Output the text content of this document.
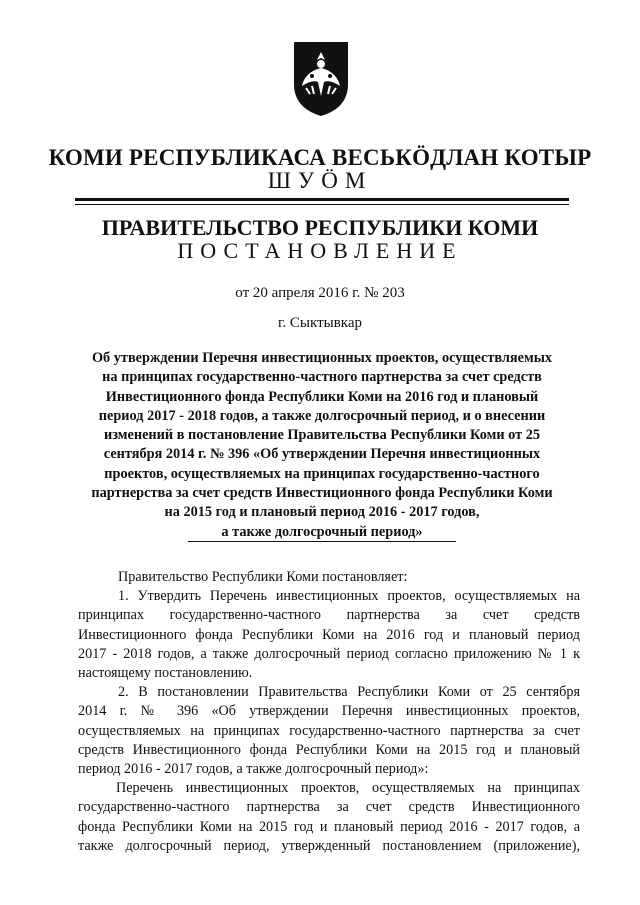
КОМИ РЕСПУБЛИКАСА ВЕСЬКӦДЛАН КОТЫР
ШУӦМ
ПРАВИТЕЛЬСТВО РЕСПУБЛИКИ КОМИ
ПОСТАНОВЛЕНИЕ
от 20 апреля 2016 г. № 203
г. Сыктывкар
Об утверждении Перечня инвестиционных проектов, осуществляемых
на принципах государственно-частного партнерства за счет средств
Инвестиционного фонда Республики Коми на 2016 год и плановый
период 2017 - 2018 годов, а также долгосрочный период, и о внесении
изменений в постановление Правительства Республики Коми от 25
сентября 2014 г. № 396 «Об утверждении Перечня инвестиционных
проектов, осуществляемых на принципах государственно-частного
партнерства за счет средств Инвестиционного фонда Республики Коми
на 2015 год и плановый период 2016 - 2017 годов,
а также долгосрочный период»
Правительство Республики Коми постановляет:
1. Утвердить Перечень инвестиционных проектов, осуществляемых на
принципах государственно-частного партнерства за счет средств
Инвестиционного фонда Республики Коми на 2016 год и плановый период
2017 - 2018 годов, а также долгосрочный период согласно приложению № 1 к
настоящему постановлению.
2. В постановлении Правительства Республики Коми от 25 сентября
2014 г. № 396 «Об утверждении Перечня инвестиционных проектов,
осуществляемых на принципах государственно-частного партнерства за счет
средств Инвестиционного фонда Республики Коми на 2015 год и плановый
период 2016 - 2017 годов, а также долгосрочный период»:
Перечень инвестиционных проектов, осуществляемых на принципах
государственно-частного партнерства за счет средств Инвестиционного
фонда Республики Коми на 2015 год и плановый период 2016 - 2017 годов, а
также долгосрочный период, утвержденный постановлением (приложение),
